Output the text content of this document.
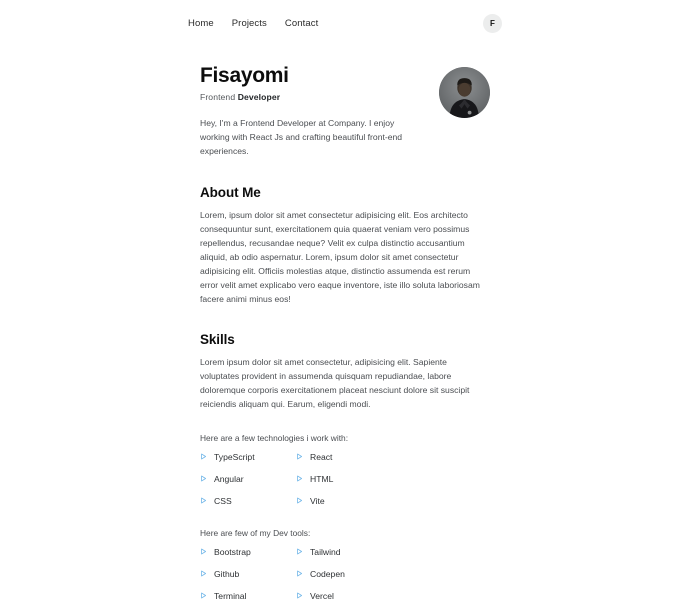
Home Projects Contact	F
Fisayomi

Frontend Developer

Hey, I'm a Frontend Developer at Company. I enjoy working with React Js and crafting beautiful front-end experiences.

About Me

Lorem, ipsum dolor sit amet consectetur adipisicing elit. Eos architecto consequuntur sunt, exercitationem quia quaerat veniam vero possimus repellendus, recusandae neque? Velit ex culpa distinctio accusantium aliquid, ab odio aspernatur. Lorem, ipsum dolor sit amet consectetur adipisicing elit. Officiis molestias atque, distinctio assumenda est rerum error velit amet explicabo vero eaque inventore, iste illo soluta laboriosam facere animi minus eos!

Skills

Lorem ipsum dolor sit amet consectetur, adipisicing elit. Sapiente voluptates provident in assumenda quisquam repudiandae, labore doloremque corporis exercitationem placeat nesciunt dolore sit suscipit reiciendis aliquam qui. Earum, eligendi modi.

Here are a few technologies i work with:

TypeScript	React
Angular	HTML
CSS	Vite

Here are few of my Dev tools:

Bootstrap	Tailwind
Github	Codepen
Terminal	Vercel
